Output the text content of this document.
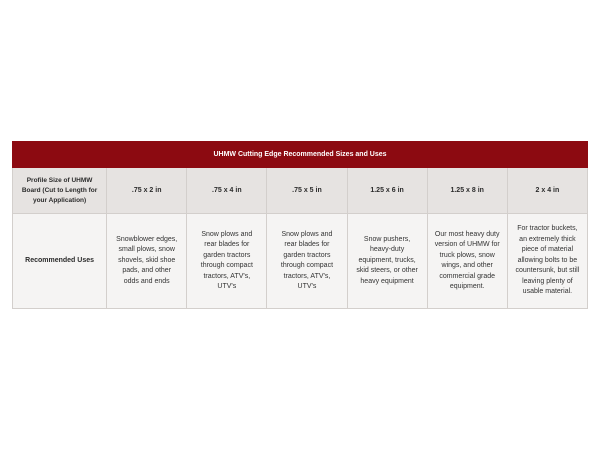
UHMW Cutting Edge Recommended Sizes and Uses						
Profile Size of UHMW Board (Cut to Length for your Application)	.75 x 2 in	.75 x 4 in	.75 x 5 in	1.25 x 6 in	1.25 x 8 in	2 x 4 in
Recommended Uses	Snowblower edges, small plows, snow shovels, skid shoe pads, and other odds and ends	Snow plows and rear blades for garden tractors through compact tractors, ATV's, UTV's	Snow plows and rear blades for garden tractors through compact tractors, ATV's, UTV's	Snow pushers, heavy-duty equipment, trucks, skid steers, or other heavy equipment	Our most heavy duty version of UHMW for truck plows, snow wings, and other commercial grade equipment.	For tractor buckets, an extremely thick piece of material allowing bolts to be countersunk, but still leaving plenty of usable material.
